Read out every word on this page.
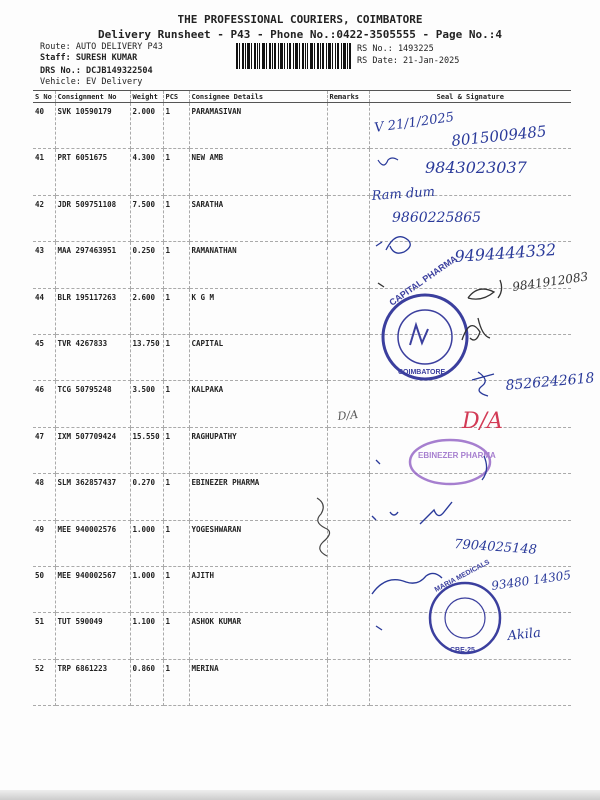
THE PROFESSIONAL COURIERS, COIMBATORE
Delivery Runsheet - P43 - Phone No.:0422-3505555 - Page No.:4
Route: AUTO DELIVERY P43
Staff: SURESH KUMAR
DRS No.: DCJB149322504
Vehicle: EV Delivery
RS No.: 1493225
RS Date: 21-Jan-2025
S No	Consignment No	Weight	PCS	Consignee Details	Remarks	Seal & Signature
40	SVK 10590179	2.000	1	PARAMASIVAN		
41	PRT 6051675	4.300	1	NEW AMB		
42	JDR 509751108	7.500	1	SARATHA		
43	MAA 297463951	0.250	1	RAMANATHAN		
44	BLR 195117263	2.600	1	K G M		
45	TVR 4267833	13.750	1	CAPITAL		
46	TCG 50795248	3.500	1	KALPAKA		
47	IXM 507709424	15.550	1	RAGHUPATHY		
48	SLM 362857437	0.270	1	EBINEZER PHARMA		
49	MEE 940002576	1.000	1	YOGESHWARAN		
50	MEE 940002567	1.000	1	AJITH		
51	TUT 590049	1.100	1	ASHOK KUMAR		
52	TRP 6861223	0.860	1	MERINA		
V 21/1/2025
8015009485
9843023037
Ram dum
9860225865
9494444332
9841912083
CAPITAL PHARMA
COIMBATORE	8526242618
D/A	D/A
EBINEZER PHARMA
7904025148
93480 14305
MARIA MEDICALS
CBE-25
Akila
